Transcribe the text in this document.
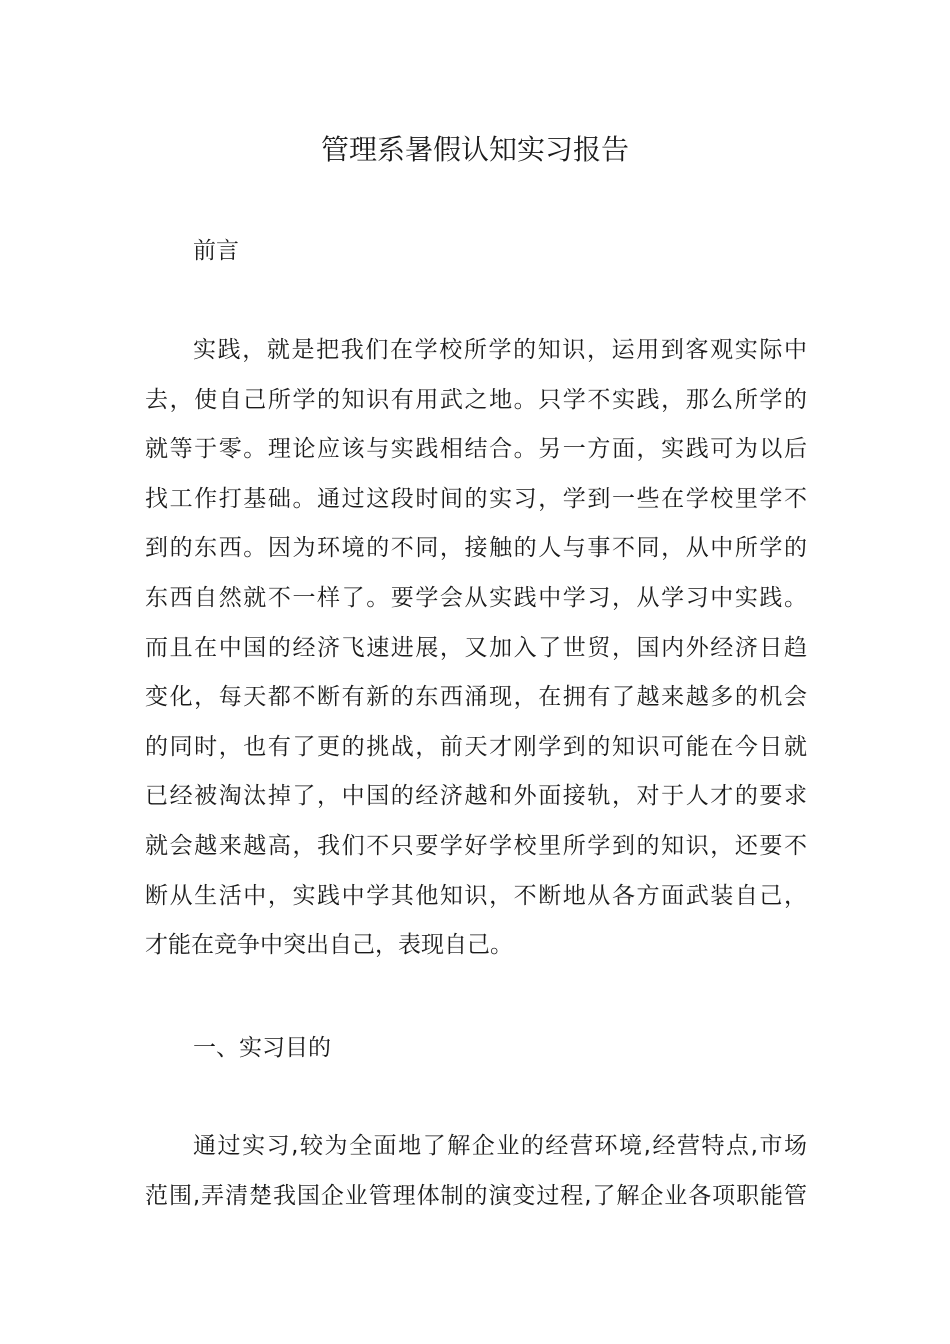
管理系暑假认知实习报告
前言
实践，就是把我们在学校所学的知识，运用到客观实际中
去，使自己所学的知识有用武之地。只学不实践，那么所学的
就等于零。理论应该与实践相结合。另一方面，实践可为以后
找工作打基础。通过这段时间的实习，学到一些在学校里学不
到的东西。因为环境的不同，接触的人与事不同，从中所学的
东西自然就不一样了。要学会从实践中学习，从学习中实践。
而且在中国的经济飞速进展，又加入了世贸，国内外经济日趋
变化，每天都不断有新的东西涌现，在拥有了越来越多的机会
的同时，也有了更的挑战，前天才刚学到的知识可能在今日就
已经被淘汰掉了，中国的经济越和外面接轨，对于人才的要求
就会越来越高，我们不只要学好学校里所学到的知识，还要不
断从生活中，实践中学其他知识，不断地从各方面武装自己，
才能在竞争中突出自己，表现自己。
一、实习目的
通过实习,较为全面地了解企业的经营环境,经营特点,市场
范围,弄清楚我国企业管理体制的演变过程,了解企业各项职能管
